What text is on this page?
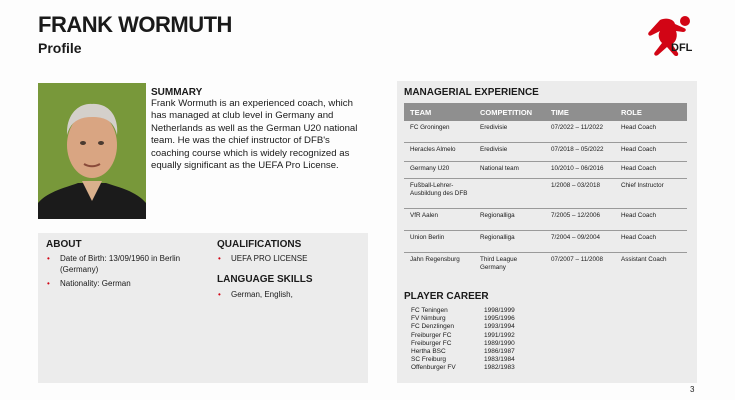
FRANK WORMUTH
Profile	DFL
SUMMARY
Frank Wormuth is an experienced coach, which has managed at club level in Germany and Netherlands as well as the German U20 national team. He was the chief instructor of DFB's coaching course which is widely recognized as equally significant as the UEFA Pro License.
ABOUT
• Date of Birth: 13/09/1960 in Berlin (Germany)
• Nationality: German
QUALIFICATIONS
• UEFA PRO LICENSE
LANGUAGE SKILLS
• German, English,
MANAGERIAL EXPERIENCE
TEAM	COMPETITION	TIME	ROLE
FC Groningen	Eredivisie	07/2022 – 11/2022	Head Coach
Heracles Almelo	Eredivisie	07/2018 – 05/2022	Head Coach
Germany U20	National team	10/2010 – 06/2016	Head Coach
Fußball-Lehrer-Ausbildung des DFB		1/2008 – 03/2018	Chief Instructor
VfR Aalen	Regionalliga	7/2005 – 12/2006	Head Coach
Union Berlin	Regionalliga	7/2004 – 09/2004	Head Coach
Jahn Regensburg	Third League Germany	07/2007 – 11/2008	Assistant Coach
PLAYER CAREER
FC Teningen	1998/1999
FV Nimburg	1995/1996
FC Denzlingen	1993/1994
Freiburger FC	1991/1992
Freiburger FC	1989/1990
Hertha BSC	1986/1987
SC Freiburg	1983/1984
Offenburger FV	1982/1983
3
